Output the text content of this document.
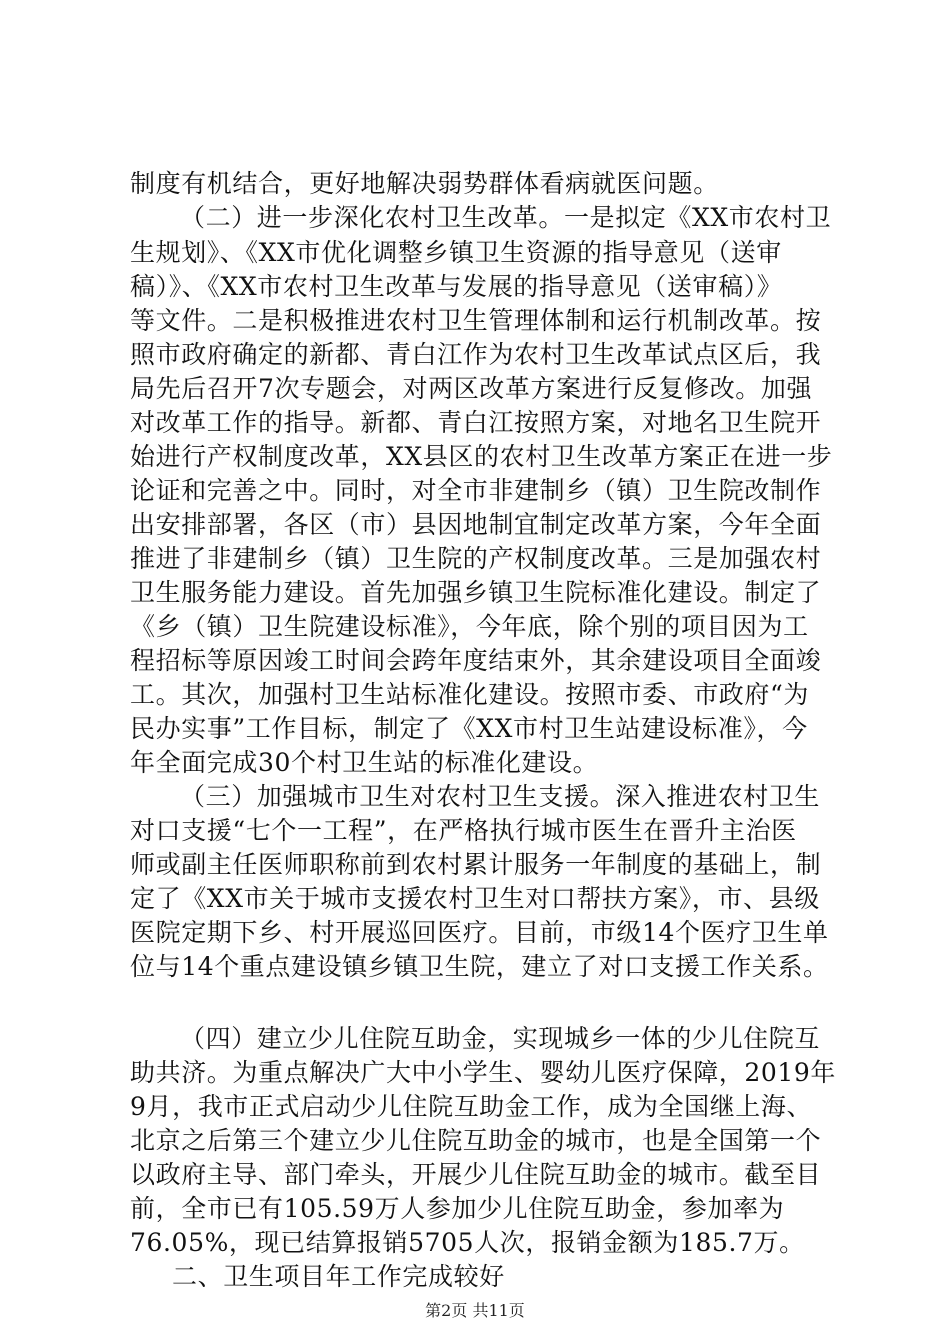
制度有机结合，更好地解决弱势群体看病就医问题。
（二）进一步深化农村卫生改革。一是拟定《XX市农村卫
生规划》、《XX市优化调整乡镇卫生资源的指导意见（送审
稿）》、《XX市农村卫生改革与发展的指导意见（送审稿）》
等文件。二是积极推进农村卫生管理体制和运行机制改革。按
照市政府确定的新都、青白江作为农村卫生改革试点区后，我
局先后召开7次专题会，对两区改革方案进行反复修改。加强
对改革工作的指导。新都、青白江按照方案，对地名卫生院开
始进行产权制度改革，XX县区的农村卫生改革方案正在进一步
论证和完善之中。同时，对全市非建制乡（镇）卫生院改制作
出安排部署，各区（市）县因地制宜制定改革方案，今年全面
推进了非建制乡（镇）卫生院的产权制度改革。三是加强农村
卫生服务能力建设。首先加强乡镇卫生院标准化建设。制定了
《乡（镇）卫生院建设标准》，今年底，除个别的项目因为工
程招标等原因竣工时间会跨年度结束外，其余建设项目全面竣
工。其次，加强村卫生站标准化建设。按照市委、市政府“为
民办实事”工作目标，制定了《XX市村卫生站建设标准》，今
年全面完成30个村卫生站的标准化建设。
（三）加强城市卫生对农村卫生支援。深入推进农村卫生
对口支援“七个一工程”，在严格执行城市医生在晋升主治医
师或副主任医师职称前到农村累计服务一年制度的基础上，制
定了《XX市关于城市支援农村卫生对口帮扶方案》，市、县级
医院定期下乡、村开展巡回医疗。目前，市级14个医疗卫生单
位与14个重点建设镇乡镇卫生院，建立了对口支援工作关系。
（四）建立少儿住院互助金，实现城乡一体的少儿住院互
助共济。为重点解决广大中小学生、婴幼儿医疗保障，2019年
9月，我市正式启动少儿住院互助金工作，成为全国继上海、
北京之后第三个建立少儿住院互助金的城市，也是全国第一个
以政府主导、部门牵头，开展少儿住院互助金的城市。截至目
前，全市已有105.59万人参加少儿住院互助金，参加率为
76.05%，现已结算报销5705人次，报销金额为185.7万。
二、卫生项目年工作完成较好
第2页 共11页
